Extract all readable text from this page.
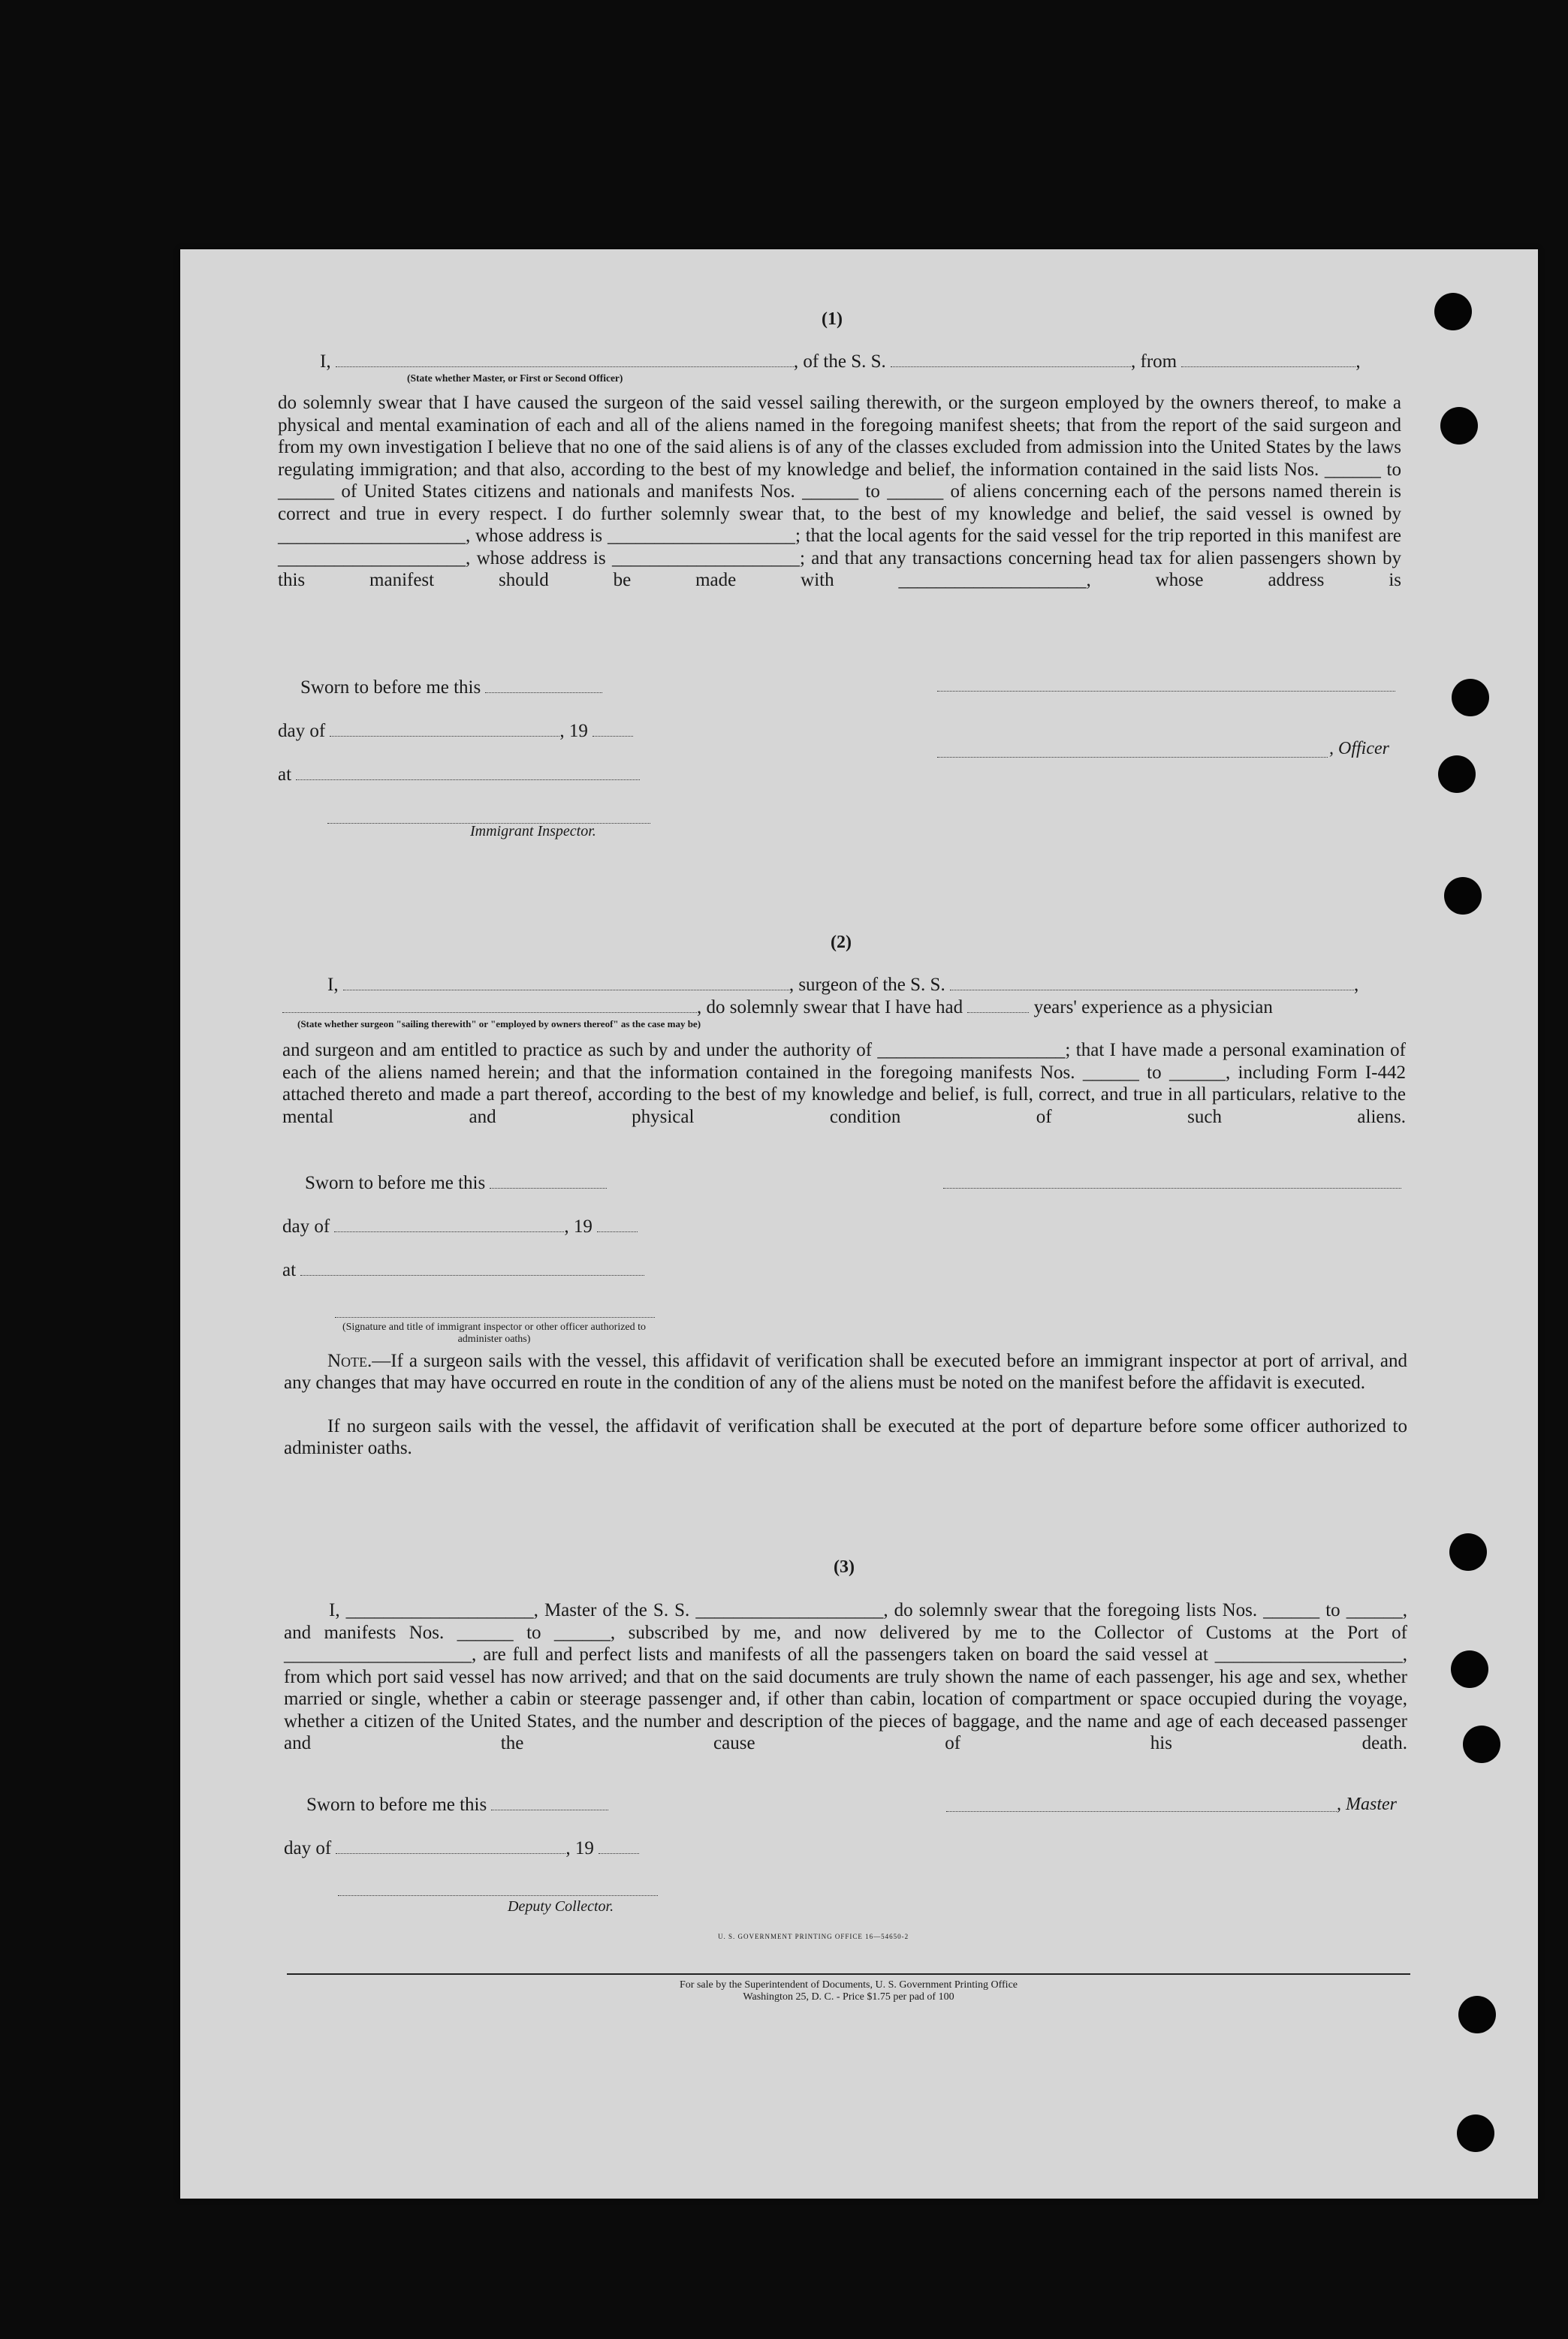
(1)
I,	, of the S. S.	, from	,
(State whether Master, or First or Second Officer)
do solemnly swear that I have caused the surgeon of the said vessel sailing therewith, or the surgeon employed by the owners thereof, to make a physical and mental examination of each and all of the aliens named in the foregoing manifest sheets; that from the report of the said surgeon and from my own investigation I believe that no one of the said aliens is of any of the classes excluded from admission into the United States by the laws regulating immigration; and that also, according to the best of my knowledge and belief, the information contained in the said lists Nos. ______ to ______ of United States citizens and nationals and manifests Nos. ______ to ______ of aliens concerning each of the persons named therein is correct and true in every respect. I do further solemnly swear that, to the best of my knowledge and belief, the said vessel is owned by ____________________, whose address is ____________________; that the local agents for the said vessel for the trip reported in this manifest are ____________________, whose address is ____________________; and that any transactions concerning head tax for alien passengers shown by this manifest should be made with ____________________, whose address is
Sworn to before me this
day of	, 19
at
Immigrant Inspector.
, Officer
(2)
I,	, surgeon of the S. S.	,
, do solemnly swear that I have had	years' experience as a physician
(State whether surgeon "sailing therewith" or "employed by owners thereof" as the case may be)
and surgeon and am entitled to practice as such by and under the authority of ____________________; that I have made a personal examination of each of the aliens named herein; and that the information contained in the foregoing manifests Nos. ______ to ______, including Form I-442 attached thereto and made a part thereof, according to the best of my knowledge and belief, is full, correct, and true in all particulars, relative to the mental and physical condition of such aliens.
Sworn to before me this
day of	, 19
at
(Signature and title of immigrant inspector or other officer authorized to administer oaths)
Note.—If a surgeon sails with the vessel, this affidavit of verification shall be executed before an immigrant inspector at port of arrival, and any changes that may have occurred en route in the condition of any of the aliens must be noted on the manifest before the affidavit is executed.
If no surgeon sails with the vessel, the affidavit of verification shall be executed at the port of departure before some officer authorized to administer oaths.
(3)
I, ____________________, Master of the S. S. ____________________, do solemnly swear that the foregoing lists Nos. ______ to ______, and manifests Nos. ______ to ______, subscribed by me, and now delivered by me to the Collector of Customs at the Port of ____________________, are full and perfect lists and manifests of all the passengers taken on board the said vessel at ____________________, from which port said vessel has now arrived; and that on the said documents are truly shown the name of each passenger, his age and sex, whether married or single, whether a cabin or steerage passenger and, if other than cabin, location of compartment or space occupied during the voyage, whether a citizen of the United States, and the number and description of the pieces of baggage, and the name and age of each deceased passenger and the cause of his death.
Sworn to before me this
day of	, 19
, Master
Deputy Collector.
U. S. GOVERNMENT PRINTING OFFICE 16—54650-2
For sale by the Superintendent of Documents, U. S. Government Printing Office
Washington 25, D. C. - Price $1.75 per pad of 100
